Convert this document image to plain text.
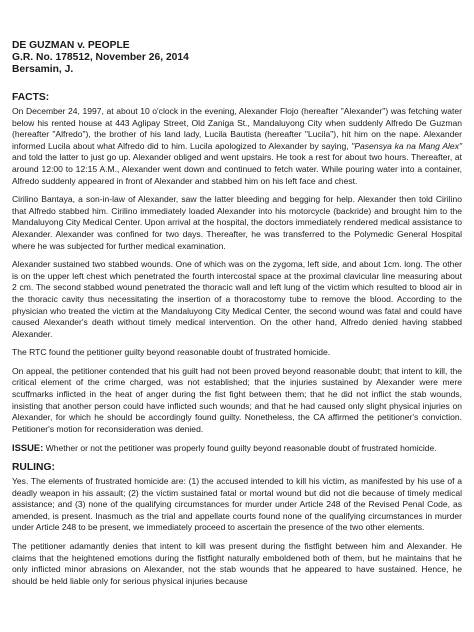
DE GUZMAN v. PEOPLE
G.R. No. 178512, November 26, 2014
Bersamin, J.
FACTS:

On December 24, 1997, at about 10 o'clock in the evening, Alexander Flojo (hereafter "Alexander") was fetching water below his rented house at 443 Aglipay Street, Old Zaniga St., Mandaluyong City when suddenly Alfredo De Guzman (hereafter "Alfredo"), the brother of his land lady, Lucila Bautista (hereafter "Lucila"), hit him on the nape. Alexander informed Lucila about what Alfredo did to him. Lucila apologized to Alexander by saying, "Pasensya ka na Mang Alex" and told the latter to just go up. Alexander obliged and went upstairs. He took a rest for about two hours. Thereafter, at around 12:00 to 12:15 A.M., Alexander went down and continued to fetch water. While pouring water into a container, Alfredo suddenly appeared in front of Alexander and stabbed him on his left face and chest.

Cirilino Bantaya, a son-in-law of Alexander, saw the latter bleeding and begging for help. Alexander then told Cirilino that Alfredo stabbed him. Cirilino immediately loaded Alexander into his motorcycle (backride) and brought him to the Mandaluyong City Medical Center. Upon arrival at the hospital, the doctors immediately rendered medical assistance to Alexander. Alexander was confined for two days. Thereafter, he was transferred to the Polymedic General Hospital where he was subjected for further medical examination.

Alexander sustained two stabbed wounds. One of which was on the zygoma, left side, and about 1cm. long. The other is on the upper left chest which penetrated the fourth intercostal space at the proximal clavicular line measuring about 2 cm. The second stabbed wound penetrated the thoracic wall and left lung of the victim which resulted to blood air in the thoracic cavity thus necessitating the insertion of a thoracostomy tube to remove the blood. According to the physician who treated the victim at the Mandaluyong City Medical Center, the second wound was fatal and could have caused Alexander's death without timely medical intervention. On the other hand, Alfredo denied having stabbed Alexander.

The RTC found the petitioner guilty beyond reasonable doubt of frustrated homicide.

On appeal, the petitioner contended that his guilt had not been proved beyond reasonable doubt; that intent to kill, the critical element of the crime charged, was not established; that the injuries sustained by Alexander were mere scuffmarks inflicted in the heat of anger during the fist fight between them; that he did not inflict the stab wounds, insisting that another person could have inflicted such wounds; and that he had caused only slight physical injuries on Alexander, for which he should be accordingly found guilty. Nonetheless, the CA affirmed the petitioner's conviction. Petitioner's motion for reconsideration was denied.

ISSUE: Whether or not the petitioner was properly found guilty beyond reasonable doubt of frustrated homicide.

RULING:

Yes. The elements of frustrated homicide are: (1) the accused intended to kill his victim, as manifested by his use of a deadly weapon in his assault; (2) the victim sustained fatal or mortal wound but did not die because of timely medical assistance; and (3) none of the qualifying circumstances for murder under Article 248 of the Revised Penal Code, as amended, is present. Inasmuch as the trial and appellate courts found none of the qualifying circumstances in murder under Article 248 to be present, we immediately proceed to ascertain the presence of the two other elements.

The petitioner adamantly denies that intent to kill was present during the fistfight between him and Alexander. He claims that the heightened emotions during the fistfight naturally emboldened both of them, but he maintains that he only inflicted minor abrasions on Alexander, not the stab wounds that he appeared to have sustained. Hence, he should be held liable only for serious physical injuries because
